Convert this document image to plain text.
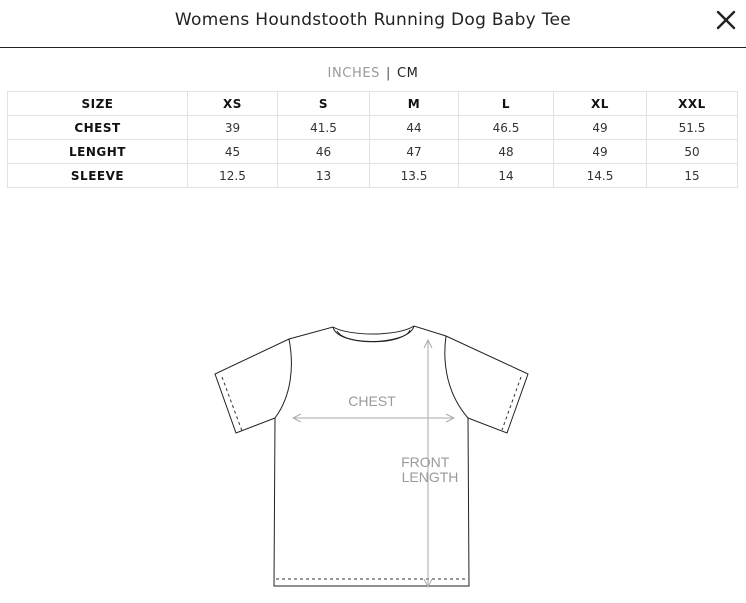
Womens Houndstooth Running Dog Baby Tee
INCHES | CM
SIZE	XS	S	M	L	XL	XXL
CHEST	39	41.5	44	46.5	49	51.5
LENGHT	45	46	47	48	49	50
SLEEVE	12.5	13	13.5	14	14.5	15
CHEST
FRONT LENGTH
